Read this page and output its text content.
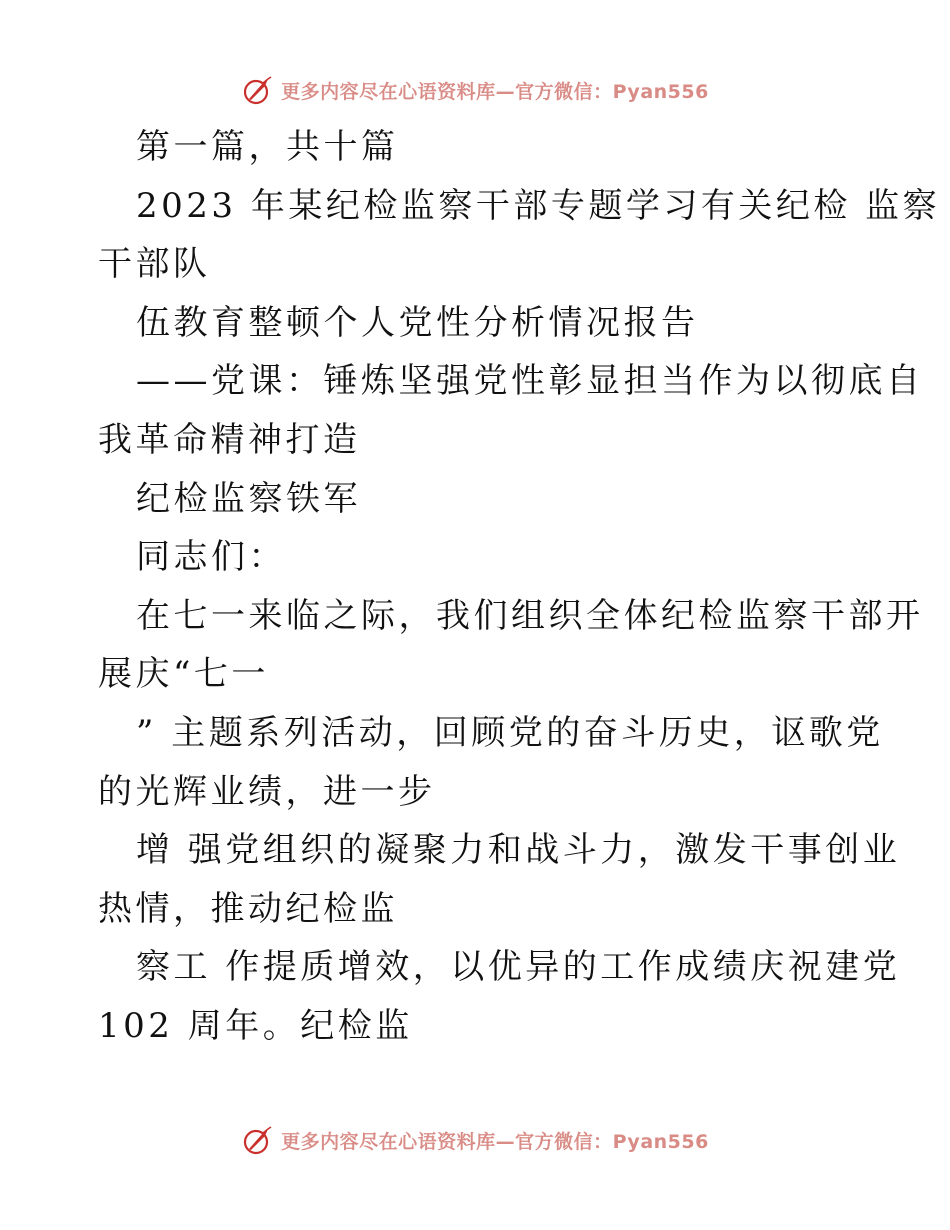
更多内容尽在心语资料库—官方微信：Pyan556
第一篇，共十篇
2023 年某纪检监察干部专题学习有关纪检 监察
干部队
伍教育整顿个人党性分析情况报告
——党课：锤炼坚强党性彰显担当作为以彻底自
我革命精神打造
纪检监察铁军
同志们：
在七一来临之际，我们组织全体纪检监察干部开
展庆“七一
” 主题系列活动，回顾党的奋斗历史，讴歌党
的光辉业绩，进一步
增 强党组织的凝聚力和战斗力，激发干事创业
热情，推动纪检监
察工 作提质增效，以优异的工作成绩庆祝建党
102 周年。纪检监
更多内容尽在心语资料库—官方微信：Pyan556
